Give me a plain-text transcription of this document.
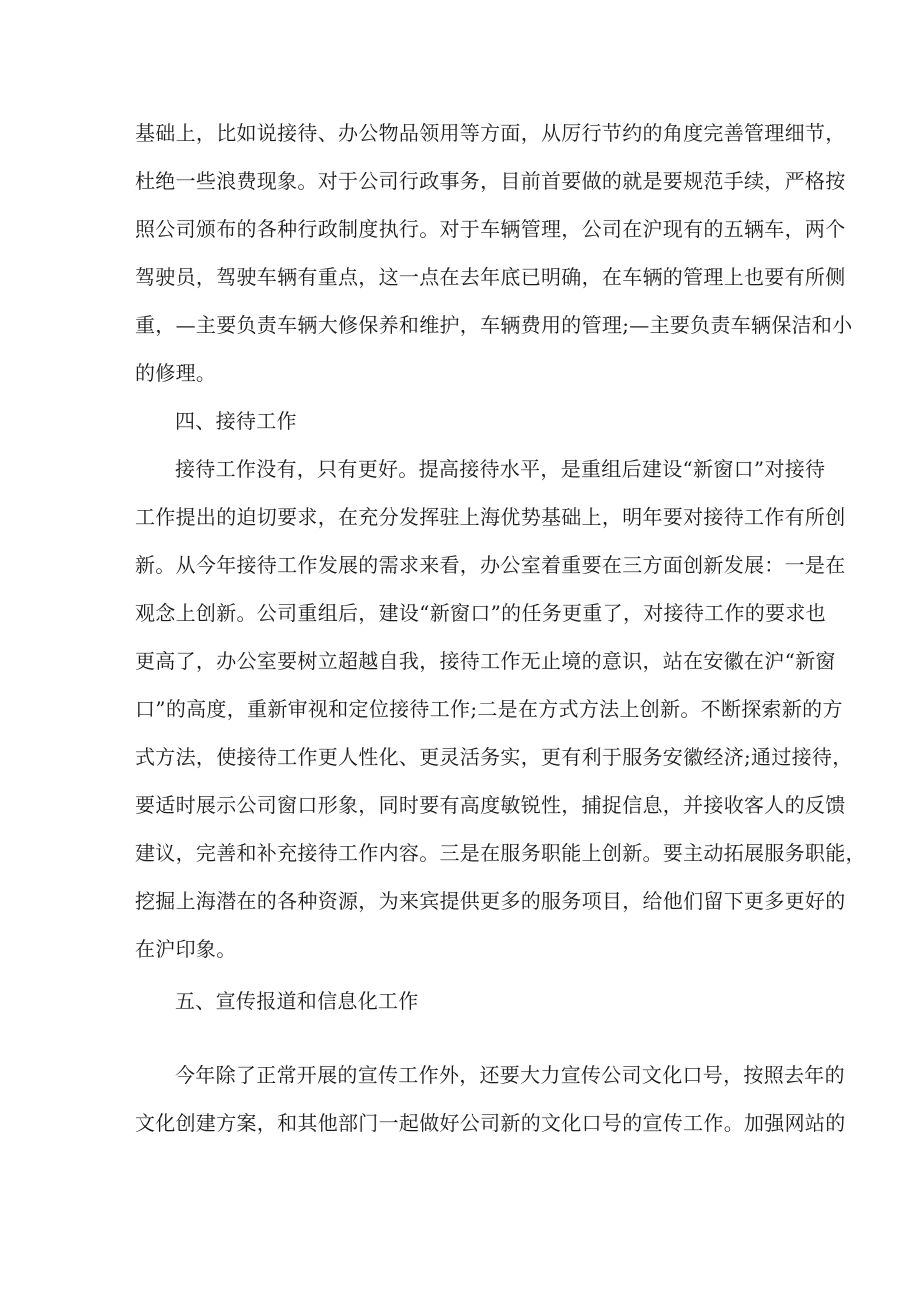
基础上，比如说接待、办公物品领用等方面，从厉行节约的角度完善管理细节，
杜绝一些浪费现象。对于公司行政事务，目前首要做的就是要规范手续，严格按
照公司颁布的各种行政制度执行。对于车辆管理，公司在沪现有的五辆车，两个
驾驶员，驾驶车辆有重点，这一点在去年底已明确，在车辆的管理上也要有所侧
重，—主要负责车辆大修保养和维护，车辆费用的管理;—主要负责车辆保洁和小
的修理。
四、接待工作
接待工作没有，只有更好。提高接待水平，是重组后建设“新窗口”对接待
工作提出的迫切要求，在充分发挥驻上海优势基础上，明年要对接待工作有所创
新。从今年接待工作发展的需求来看，办公室着重要在三方面创新发展：一是在
观念上创新。公司重组后，建设“新窗口”的任务更重了，对接待工作的要求也
更高了，办公室要树立超越自我，接待工作无止境的意识，站在安徽在沪“新窗
口”的高度，重新审视和定位接待工作;二是在方式方法上创新。不断探索新的方
式方法，使接待工作更人性化、更灵活务实，更有利于服务安徽经济;通过接待，
要适时展示公司窗口形象，同时要有高度敏锐性，捕捉信息，并接收客人的反馈
建议，完善和补充接待工作内容。三是在服务职能上创新。要主动拓展服务职能，
挖掘上海潜在的各种资源，为来宾提供更多的服务项目，给他们留下更多更好的
在沪印象。
五、宣传报道和信息化工作
今年除了正常开展的宣传工作外，还要大力宣传公司文化口号，按照去年的
文化创建方案，和其他部门一起做好公司新的文化口号的宣传工作。加强网站的
